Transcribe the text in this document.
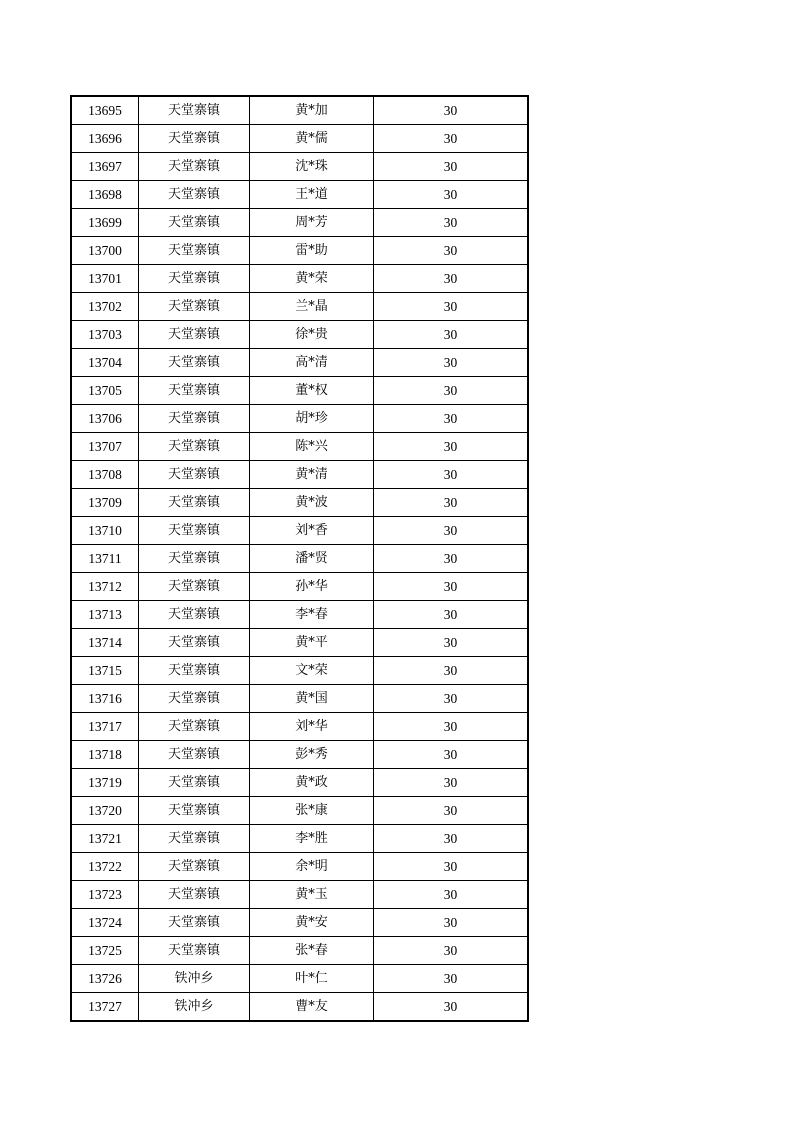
13695	天堂寨镇	黄*加	30
13696	天堂寨镇	黄*儒	30
13697	天堂寨镇	沈*珠	30
13698	天堂寨镇	王*道	30
13699	天堂寨镇	周*芳	30
13700	天堂寨镇	雷*助	30
13701	天堂寨镇	黄*荣	30
13702	天堂寨镇	兰*晶	30
13703	天堂寨镇	徐*贵	30
13704	天堂寨镇	高*清	30
13705	天堂寨镇	董*权	30
13706	天堂寨镇	胡*珍	30
13707	天堂寨镇	陈*兴	30
13708	天堂寨镇	黄*清	30
13709	天堂寨镇	黄*波	30
13710	天堂寨镇	刘*香	30
13711	天堂寨镇	潘*贤	30
13712	天堂寨镇	孙*华	30
13713	天堂寨镇	李*春	30
13714	天堂寨镇	黄*平	30
13715	天堂寨镇	文*荣	30
13716	天堂寨镇	黄*国	30
13717	天堂寨镇	刘*华	30
13718	天堂寨镇	彭*秀	30
13719	天堂寨镇	黄*政	30
13720	天堂寨镇	张*康	30
13721	天堂寨镇	李*胜	30
13722	天堂寨镇	余*明	30
13723	天堂寨镇	黄*玉	30
13724	天堂寨镇	黄*安	30
13725	天堂寨镇	张*春	30
13726	铁冲乡	叶*仁	30
13727	铁冲乡	曹*友	30
